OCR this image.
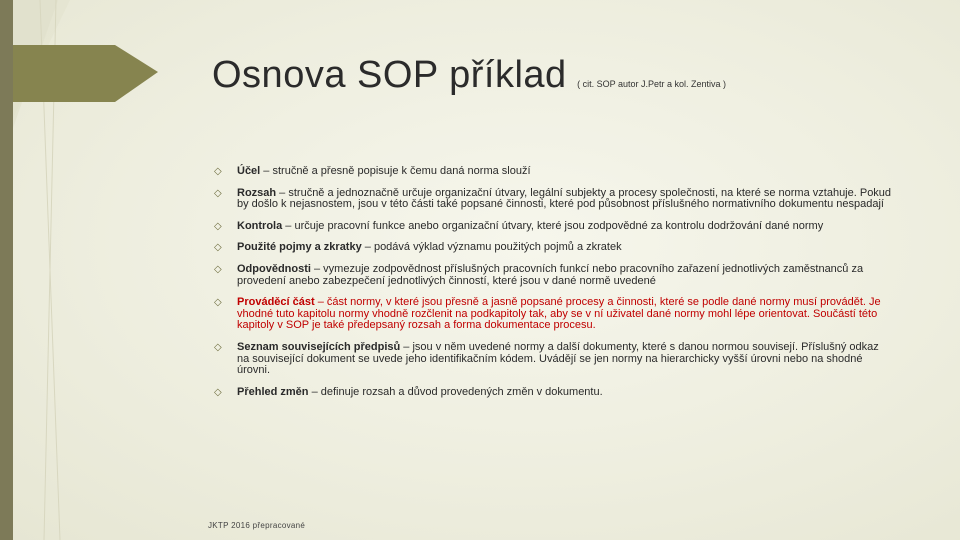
Osnova SOP příklad ( cit. SOP autor J.Petr a kol. Zentiva )
◇ Účel – stručně a přesně popisuje k čemu daná norma slouží
◇ Rozsah – stručně a jednoznačně určuje organizační útvary, legální subjekty a procesy společnosti, na které se norma vztahuje. Pokud by došlo k nejasnostem, jsou v této části také popsané činnosti, které pod působnost příslušného normativního dokumentu nespadají
◇ Kontrola – určuje pracovní funkce anebo organizační útvary, které jsou zodpovědné za kontrolu dodržování dané normy
◇ Použité pojmy a zkratky – podává výklad významu použitých pojmů a zkratek
◇ Odpovědnosti – vymezuje zodpovědnost příslušných pracovních funkcí nebo pracovního zařazení jednotlivých zaměstnanců za provedení anebo zabezpečení jednotlivých činností, které jsou v dané normě uvedené
◇ Prováděcí část – část normy, v které jsou přesně a jasně popsané procesy a činnosti, které se podle dané normy musí provádět. Je vhodné tuto kapitolu normy vhodně rozčlenit na podkapitoly tak, aby se v ní uživatel dané normy mohl lépe orientovat. Součástí této kapitoly v SOP je také předepsaný rozsah a forma dokumentace procesu.
◇ Seznam souvisejících předpisů – jsou v něm uvedené normy a další dokumenty, které s danou normou souvisejí. Příslušný odkaz na související dokument se uvede jeho identifikačním kódem. Uvádějí se jen normy na hierarchicky vyšší úrovni nebo na shodné úrovni.
◇ Přehled změn – definuje rozsah a důvod provedených změn v dokumentu.
JKTP 2016 přepracované
